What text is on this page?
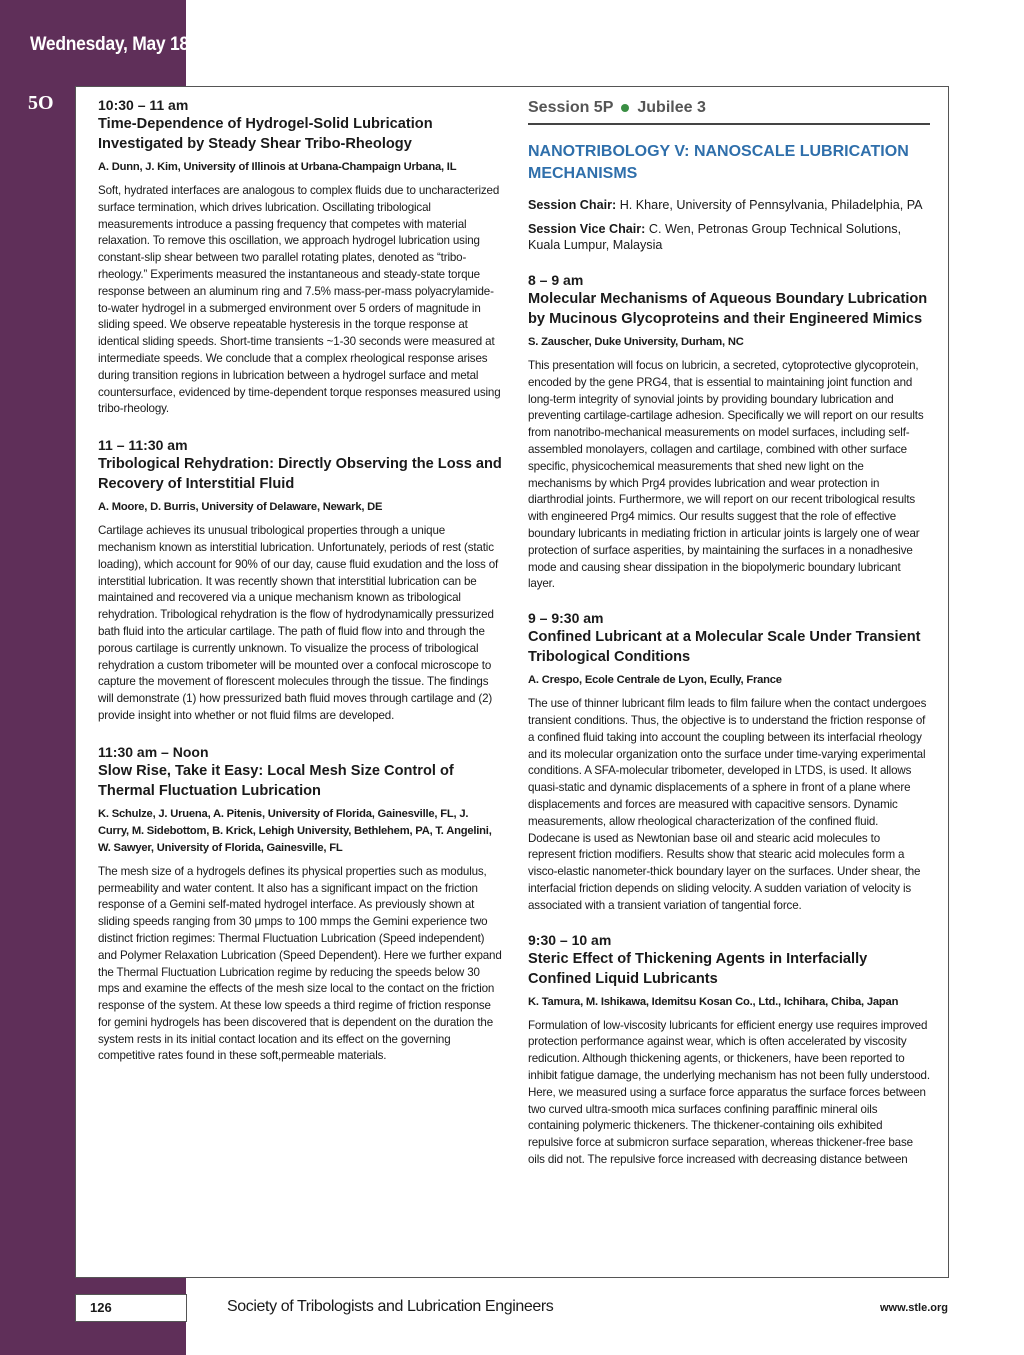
Wednesday, May 18
5O	10:30 – 11 am

Time-Dependence of Hydrogel-Solid Lubrication Investigated by Steady Shear Tribo-Rheology

A. Dunn, J. Kim, University of Illinois at Urbana-Champaign Urbana, IL

Soft, hydrated interfaces are analogous to complex fluids due to uncharacterized surface termination, which drives lubrication. Oscillating tribological measurements introduce a passing frequency that competes with material relaxation. To remove this oscillation, we approach hydrogel lubrication using constant-slip shear between two parallel rotating plates, denoted as “tribo-rheology.” Experiments measured the instantaneous and steady-state torque response between an aluminum ring and 7.5% mass-per-mass polyacrylamide-to-water hydrogel in a submerged environment over 5 orders of magnitude in sliding speed. We observe repeatable hysteresis in the torque response at identical sliding speeds. Short-time transients ~1-30 seconds were measured at intermediate speeds. We conclude that a complex rheological response arises during transition regions in lubrication between a hydrogel surface and metal countersurface, evidenced by time-dependent torque responses measured using tribo-rheology.

11 – 11:30 am

Tribological Rehydration: Directly Observing the Loss and Recovery of Interstitial Fluid

A. Moore, D. Burris, University of Delaware, Newark, DE

Cartilage achieves its unusual tribological properties through a unique mechanism known as interstitial lubrication. Unfortunately, periods of rest (static loading), which account for 90% of our day, cause fluid exudation and the loss of interstitial lubrication. It was recently shown that interstitial lubrication can be maintained and recovered via a unique mechanism known as tribological rehydration. Tribological rehydration is the flow of hydrodynamically pressurized bath fluid into the articular cartilage. The path of fluid flow into and through the porous cartilage is currently unknown. To visualize the process of tribological rehydration a custom tribometer will be mounted over a confocal microscope to capture the movement of florescent molecules through the tissue. The findings will demonstrate (1) how pressurized bath fluid moves through cartilage and (2) provide insight into whether or not fluid films are developed.

11:30 am – Noon

Slow Rise, Take it Easy: Local Mesh Size Control of Thermal Fluctuation Lubrication

K. Schulze, J. Uruena, A. Pitenis, University of Florida, Gainesville, FL, J. Curry, M. Sidebottom, B. Krick, Lehigh University, Bethlehem, PA, T. Angelini, W. Sawyer, University of Florida, Gainesville, FL

The mesh size of a hydrogels defines its physical properties such as modulus, permeability and water content. It also has a significant impact on the friction response of a Gemini self-mated hydrogel interface. As previously shown at sliding speeds ranging from 30 μmps to 100 mmps the Gemini experience two distinct friction regimes: Thermal Fluctuation Lubrication (Speed independent) and Polymer Relaxation Lubrication (Speed Dependent). Here we further expand the Thermal Fluctuation Lubrication regime by reducing the speeds below 30 mps and examine the effects of the mesh size local to the contact on the friction response of the system. At these low speeds a third regime of friction response for gemini hydrogels has been discovered that is dependent on the duration the system rests in its initial contact location and its effect on the governing competitive rates found in these soft,permeable materials.

Session 5P Jubilee 3

NANOTRIBOLOGY V: NANOSCALE LUBRICATION MECHANISMS

Session Chair: H. Khare, University of Pennsylvania, Philadelphia, PA

Session Vice Chair: C. Wen, Petronas Group Technical Solutions, Kuala Lumpur, Malaysia

8 – 9 am

Molecular Mechanisms of Aqueous Boundary Lubrication by Mucinous Glycoproteins and their Engineered Mimics

S. Zauscher, Duke University, Durham, NC

This presentation will focus on lubricin, a secreted, cytoprotective glycoprotein, encoded by the gene PRG4, that is essential to maintaining joint function and long-term integrity of synovial joints by providing boundary lubrication and preventing cartilage-cartilage adhesion. Specifically we will report on our results from nanotribo-mechanical measurements on model surfaces, including self-assembled monolayers, collagen and cartilage, combined with other surface specific, physicochemical measurements that shed new light on the mechanisms by which Prg4 provides lubrication and wear protection in diarthrodial joints. Furthermore, we will report on our recent tribological results with engineered Prg4 mimics. Our results suggest that the role of effective boundary lubricants in mediating friction in articular joints is largely one of wear protection of surface asperities, by maintaining the surfaces in a nonadhesive mode and causing shear dissipation in the biopolymeric boundary lubricant layer.

9 – 9:30 am

Confined Lubricant at a Molecular Scale Under Transient Tribological Conditions

A. Crespo, Ecole Centrale de Lyon, Ecully, France

The use of thinner lubricant film leads to film failure when the contact undergoes transient conditions. Thus, the objective is to understand the friction response of a confined fluid taking into account the coupling between its interfacial rheology and its molecular organization onto the surface under time-varying experimental conditions. A SFA-molecular tribometer, developed in LTDS, is used. It allows quasi-static and dynamic displacements of a sphere in front of a plane where displacements and forces are measured with capacitive sensors. Dynamic measurements, allow rheological characterization of the confined fluid. Dodecane is used as Newtonian base oil and stearic acid molecules to represent friction modifiers. Results show that stearic acid molecules form a visco-elastic nanometer-thick boundary layer on the surfaces. Under shear, the interfacial friction depends on sliding velocity. A sudden variation of velocity is associated with a transient variation of tangential force.

9:30 – 10 am

Steric Effect of Thickening Agents in Interfacially Confined Liquid Lubricants

K. Tamura, M. Ishikawa, Idemitsu Kosan Co., Ltd., Ichihara, Chiba, Japan

Formulation of low-viscosity lubricants for efficient energy use requires improved protection performance against wear, which is often accelerated by viscosity redicution. Although thickening agents, or thickeners, have been reported to inhibit fatigue damage, the underlying mechanism has not been fully understood. Here, we measured using a surface force apparatus the surface forces between two curved ultra-smooth mica surfaces confining paraffinic mineral oils containing polymeric thickeners. The thickener-containing oils exhibited repulsive force at submicron surface separation, whereas thickener-free base oils did not. The repulsive force increased with decreasing distance between

126	Society of Tribologists and Lubrication Engineers	www.stle.org
